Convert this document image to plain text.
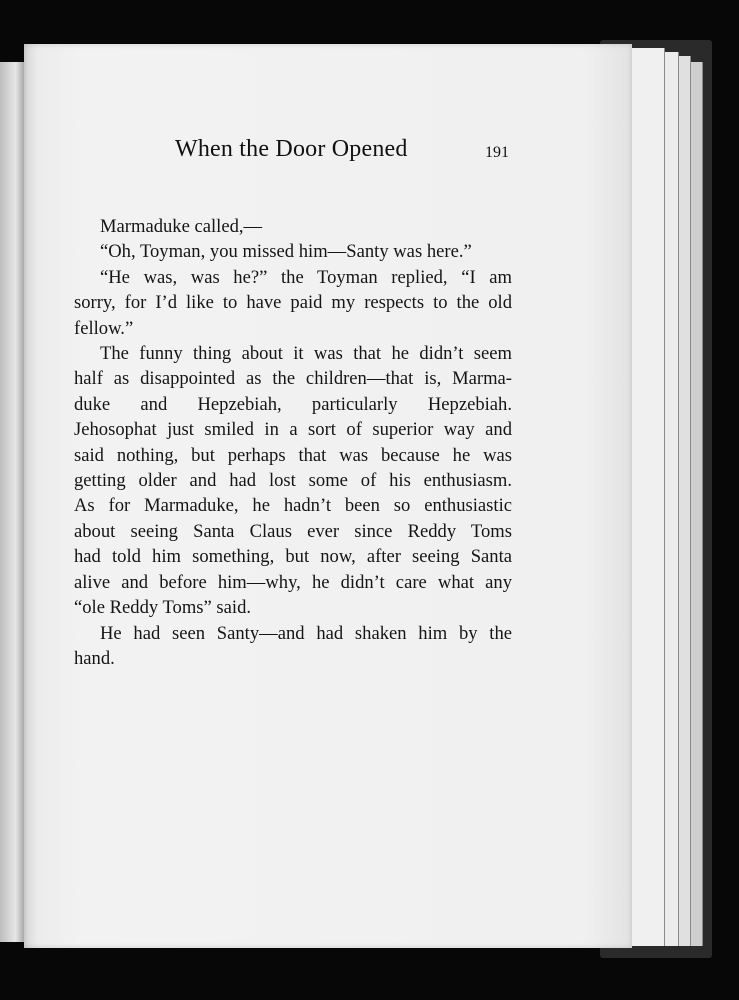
When the Door Opened	191
Marmaduke called,—
“Oh, Toyman, you missed him—Santy was here.”
“He was, was he?” the Toyman replied, “I am
sorry, for I’d like to have paid my respects to the old
fellow.”
The funny thing about it was that he didn’t seem
half as disappointed as the children—that is, Marma-
duke and Hepzebiah, particularly Hepzebiah.
Jehosophat just smiled in a sort of superior way and
said nothing, but perhaps that was because he was
getting older and had lost some of his enthusiasm.
As for Marmaduke, he hadn’t been so enthusiastic
about seeing Santa Claus ever since Reddy Toms
had told him something, but now, after seeing Santa
alive and before him—why, he didn’t care what any
“ole Reddy Toms” said.
He had seen Santy—and had shaken him by the
hand.
